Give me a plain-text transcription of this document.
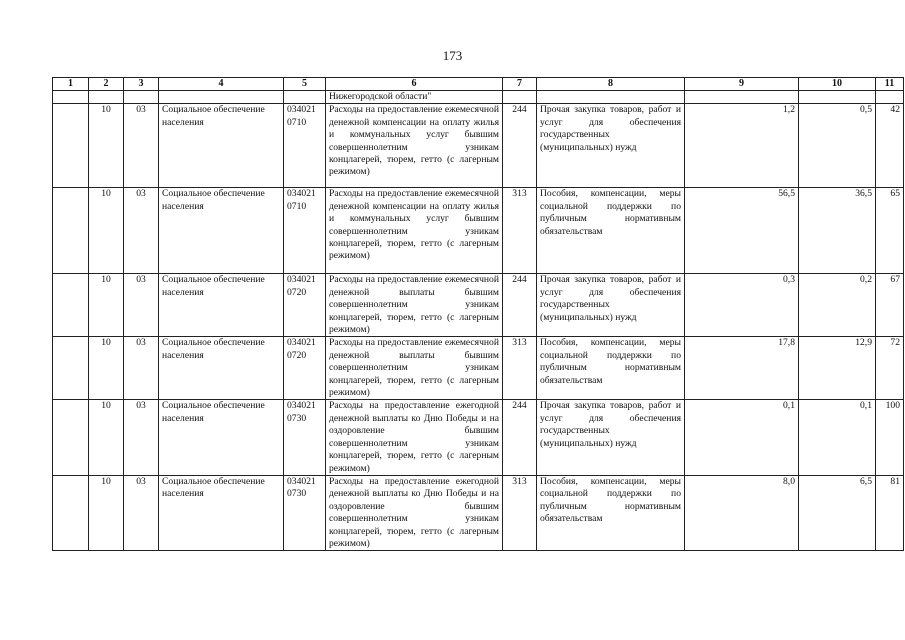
173
1	2	3	4	5	6	7	8	9	10	11
					Нижегородской области"					
	10	03	Социальное обеспечение населения	034021 0710	Расходы на предоставление ежемесячной денежной компенсации на оплату жилья и коммунальных услуг бывшим совершеннолетним узникам концлагерей, тюрем, гетто (с лагерным режимом)	244	Прочая закупка товаров, работ и услуг для обеспечения государственных (муниципальных) нужд	1,2	0,5	42
	10	03	Социальное обеспечение населения	034021 0710	Расходы на предоставление ежемесячной денежной компенсации на оплату жилья и коммунальных услуг бывшим совершеннолетним узникам концлагерей, тюрем, гетто (с лагерным режимом)	313	Пособия, компенсации, меры социальной поддержки по публичным нормативным обязательствам	56,5	36,5	65
	10	03	Социальное обеспечение населения	034021 0720	Расходы на предоставление ежемесячной денежной выплаты бывшим совершеннолетним узникам концлагерей, тюрем, гетто (с лагерным режимом)	244	Прочая закупка товаров, работ и услуг для обеспечения государственных (муниципальных) нужд	0,3	0,2	67
	10	03	Социальное обеспечение населения	034021 0720	Расходы на предоставление ежемесячной денежной выплаты бывшим совершеннолетним узникам концлагерей, тюрем, гетто (с лагерным режимом)	313	Пособия, компенсации, меры социальной поддержки по публичным нормативным обязательствам	17,8	12,9	72
	10	03	Социальное обеспечение населения	034021 0730	Расходы на предоставление ежегодной денежной выплаты ко Дню Победы и на оздоровление бывшим совершеннолетним узникам концлагерей, тюрем, гетто (с лагерным режимом)	244	Прочая закупка товаров, работ и услуг для обеспечения государственных (муниципальных) нужд	0,1	0,1	100
	10	03	Социальное обеспечение населения	034021 0730	Расходы на предоставление ежегодной денежной выплаты ко Дню Победы и на оздоровление бывшим совершеннолетним узникам концлагерей, тюрем, гетто (с лагерным режимом)	313	Пособия, компенсации, меры социальной поддержки по публичным нормативным обязательствам	8,0	6,5	81
